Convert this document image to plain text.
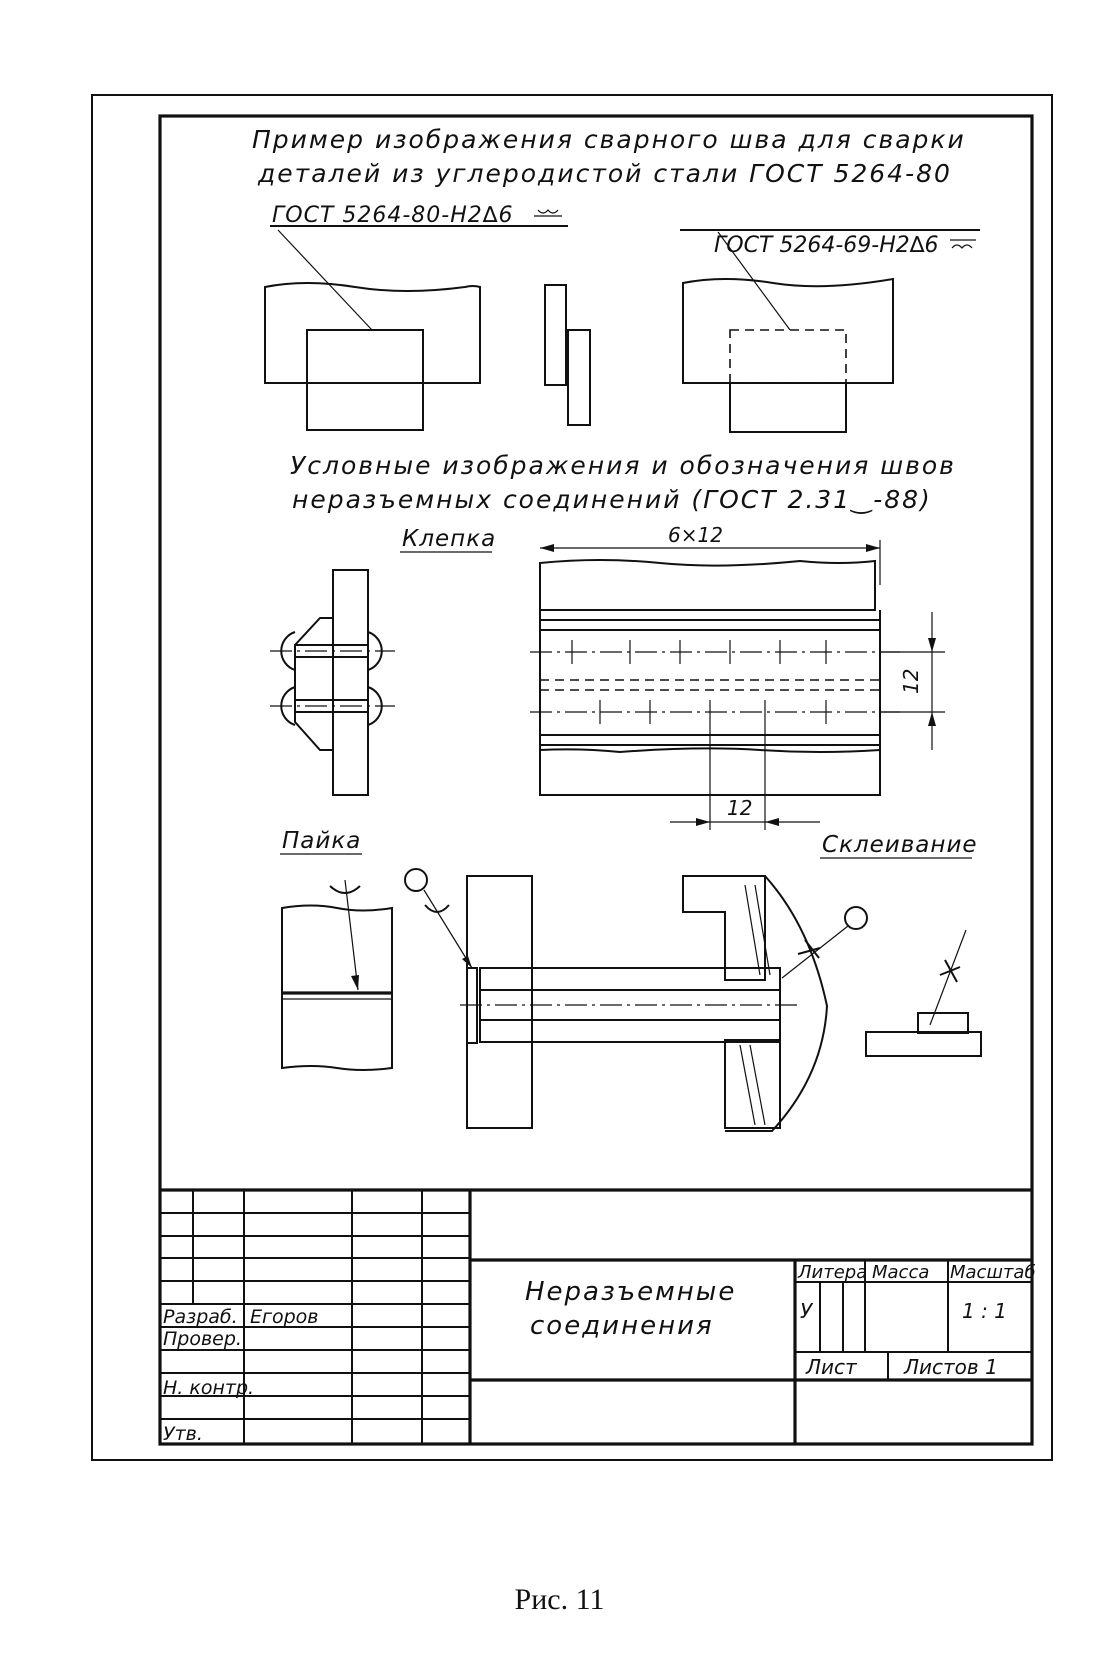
Пример изображения сварного шва для сварки
деталей из углеродистой стали ГОСТ 5264-80
ГОСТ 5264-80-Н2∆6
ГОСТ 5264-69-Н2∆6
Условные изображения и обозначения швов
неразъемных соединений (ГОСТ 2.31‿-88)
Клепка	6×12
12
12
Пайка	Склеивание
Разраб. Егоров
Провер.
Н. контр.
Утв.
Неразъемные
соединения
Литера Масса Масштаб
У	1 : 1
Лист Листов 1
Рис. 11
